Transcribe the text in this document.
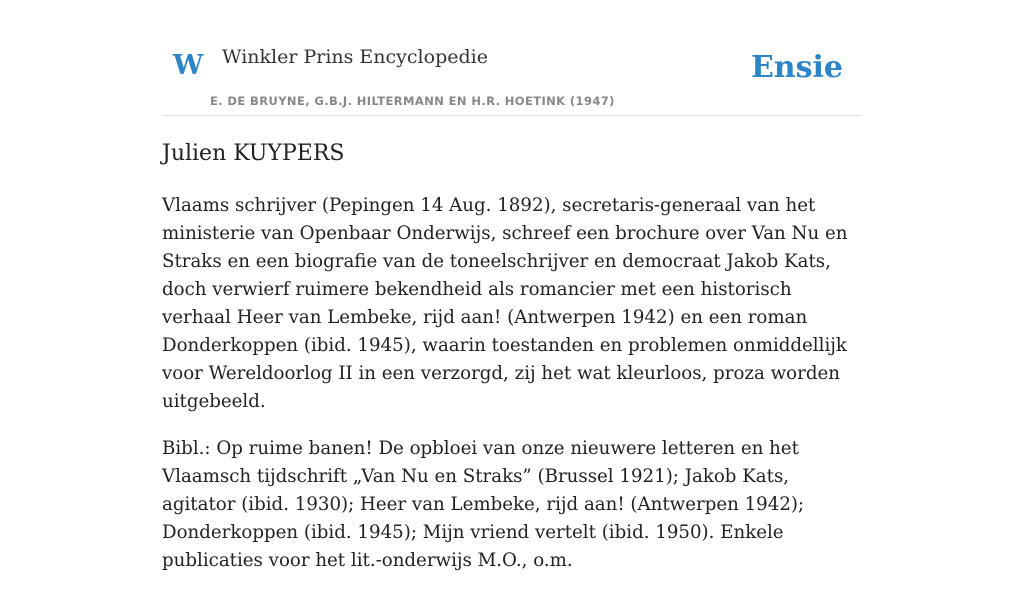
W Winkler Prins Encyclopedie
E. DE BRUYNE, G.B.J. HILTERMANN EN H.R. HOETINK (1947)
Ensie
Julien KUYPERS

Vlaams schrijver (Pepingen 14 Aug. 1892), secretaris-generaal van het ministerie van Openbaar Onderwijs, schreef een brochure over Van Nu en Straks en een biografie van de toneelschrijver en democraat Jakob Kats, doch verwierf ruimere bekendheid als romancier met een historisch verhaal Heer van Lembeke, rijd aan! (Antwerpen 1942) en een roman Donderkoppen (ibid. 1945), waarin toestanden en problemen onmiddellijk voor Wereldoorlog II in een verzorgd, zij het wat kleurloos, proza worden uitgebeeld.

Bibl.: Op ruime banen! De opbloei van onze nieuwere letteren en het Vlaamsch tijdschrift „Van Nu en Straks” (Brussel 1921); Jakob Kats, agitator (ibid. 1930); Heer van Lembeke, rijd aan! (Antwerpen 1942); Donderkoppen (ibid. 1945); Mijn vriend vertelt (ibid. 1950). Enkele publicaties voor het lit.-onderwijs M.O., o.m.
